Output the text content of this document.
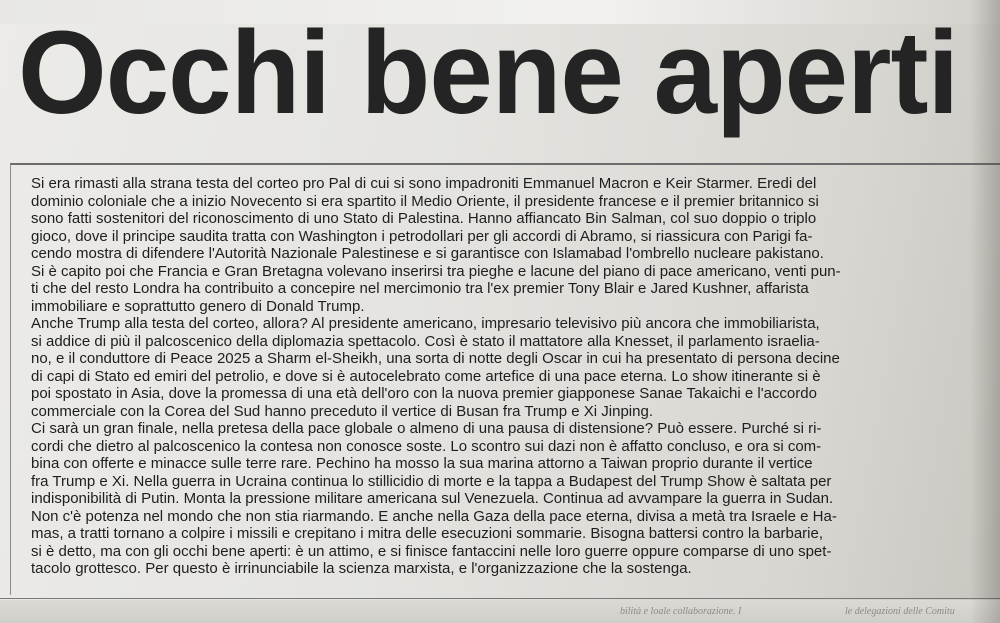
Occhi bene aperti
Si era rimasti alla strana testa del corteo pro Pal di cui si sono impadroniti Emmanuel Macron e Keir Starmer. Eredi del
dominio coloniale che a inizio Novecento si era spartito il Medio Oriente, il presidente francese e il premier britannico si
sono fatti sostenitori del riconoscimento di uno Stato di Palestina. Hanno affiancato Bin Salman, col suo doppio o triplo
gioco, dove il principe saudita tratta con Washington i petrodollari per gli accordi di Abramo, si riassicura con Parigi fa-
cendo mostra di difendere l'Autorità Nazionale Palestinese e si garantisce con Islamabad l'ombrello nucleare pakistano.
Si è capito poi che Francia e Gran Bretagna volevano inserirsi tra pieghe e lacune del piano di pace americano, venti pun-
ti che del resto Londra ha contribuito a concepire nel mercimonio tra l'ex premier Tony Blair e Jared Kushner, affarista
immobiliare e soprattutto genero di Donald Trump.
Anche Trump alla testa del corteo, allora? Al presidente americano, impresario televisivo più ancora che immobiliarista,
si addice di più il palcoscenico della diplomazia spettacolo. Così è stato il mattatore alla Knesset, il parlamento israelia-
no, e il conduttore di Peace 2025 a Sharm el-Sheikh, una sorta di notte degli Oscar in cui ha presentato di persona decine
di capi di Stato ed emiri del petrolio, e dove si è autocelebrato come artefice di una pace eterna. Lo show itinerante si è
poi spostato in Asia, dove la promessa di una età dell'oro con la nuova premier giapponese Sanae Takaichi e l'accordo
commerciale con la Corea del Sud hanno preceduto il vertice di Busan fra Trump e Xi Jinping.
Ci sarà un gran finale, nella pretesa della pace globale o almeno di una pausa di distensione? Può essere. Purché si ri-
cordi che dietro al palcoscenico la contesa non conosce soste. Lo scontro sui dazi non è affatto concluso, e ora si com-
bina con offerte e minacce sulle terre rare. Pechino ha mosso la sua marina attorno a Taiwan proprio durante il vertice
fra Trump e Xi. Nella guerra in Ucraina continua lo stillicidio di morte e la tappa a Budapest del Trump Show è saltata per
indisponibilità di Putin. Monta la pressione militare americana sul Venezuela. Continua ad avvampare la guerra in Sudan.
Non c'è potenza nel mondo che non stia riarmando. E anche nella Gaza della pace eterna, divisa a metà tra Israele e Ha-
mas, a tratti tornano a colpire i missili e crepitano i mitra delle esecuzioni sommarie. Bisogna battersi contro la barbarie,
si è detto, ma con gli occhi bene aperti: è un attimo, e si finisce fantaccini nelle loro guerre oppure comparse di uno spet-
tacolo grottesco. Per questo è irrinunciabile la scienza marxista, e l'organizzazione che la sostenga.
bilità e loale collaborazione. I	le delegazioni delle Comitu
